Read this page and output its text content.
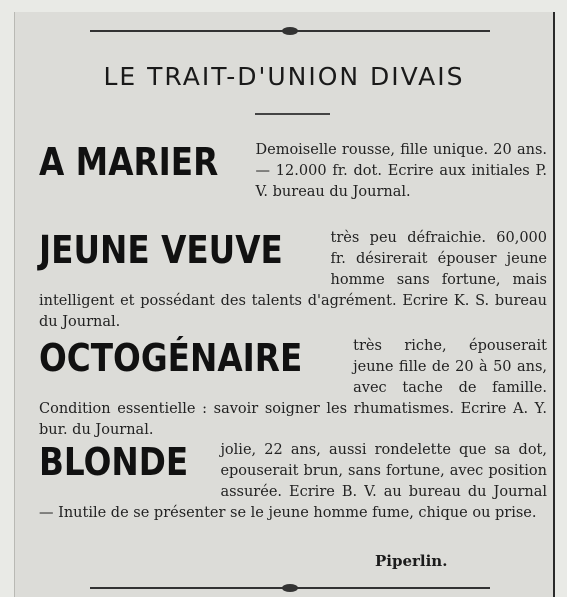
LE TRAIT-D'UNION DIVAIS
A MARIER	Demoiselle rousse, fille unique. 20 ans. — 12.000 fr. dot. Ecrire aux initiales P. V. bureau du Journal.
JEUNE VEUVE	très peu défraichie. 60,000 fr. désirerait épouser jeune homme sans fortune, mais intelligent et possédant des talents d'agrément. Ecrire K. S. bureau du Journal.
OCTOGÉNAIRE	très riche, épouserait jeune fille de 20 à 50 ans, avec tache de famille. Condition essentielle : savoir soigner les rhumatismes. Ecrire A. Y. bur. du Journal.
BLONDE	jolie, 22 ans, aussi rondelette que sa dot, epouserait brun, sans fortune, avec position assurée. Ecrire B. V. au bureau du Journal — Inutile de se présenter se le jeune homme fume, chique ou prise.
Piperlin.
